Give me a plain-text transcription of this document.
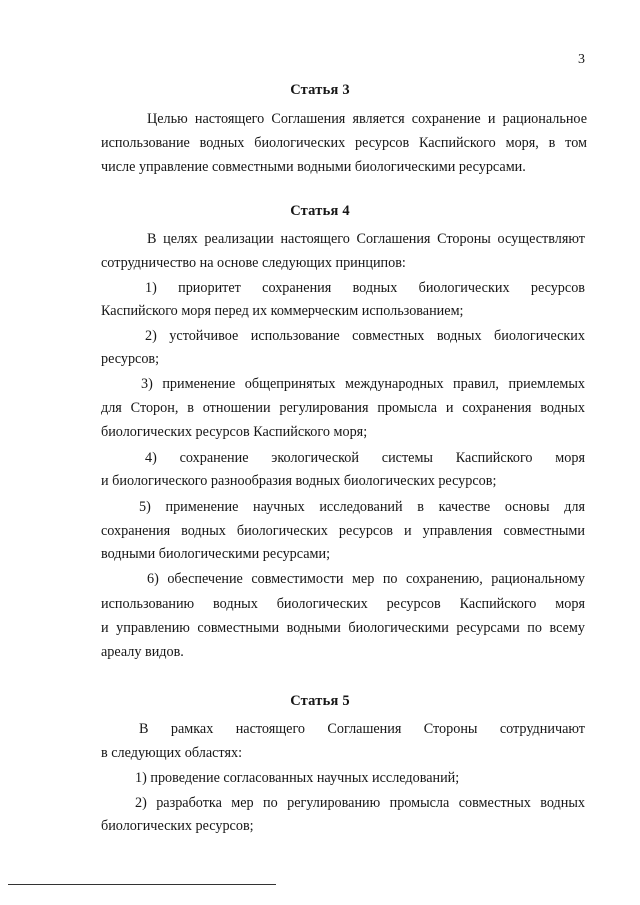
3
Статья 3
Целью настоящего Соглашения является сохранение и рациональное
использование водных биологических ресурсов Каспийского моря, в том
числе управление совместными водными биологическими ресурсами.
Статья 4
В целях реализации настоящего Соглашения Стороны осуществляют
сотрудничество на основе следующих принципов:
1) приоритет сохранения водных биологических ресурсов
Каспийского моря перед их коммерческим использованием;
2) устойчивое использование совместных водных биологических
ресурсов;
3) применение общепринятых международных правил, приемлемых
для Сторон, в отношении регулирования промысла и сохранения водных
биологических ресурсов Каспийского моря;
4) сохранение экологической системы Каспийского моря
и биологического разнообразия водных биологических ресурсов;
5) применение научных исследований в качестве основы для
сохранения водных биологических ресурсов и управления совместными
водными биологическими ресурсами;
6) обеспечение совместимости мер по сохранению, рациональному
использованию водных биологических ресурсов Каспийского моря
и управлению совместными водными биологическими ресурсами по всему
ареалу видов.
Статья 5
В рамках настоящего Соглашения Стороны сотрудничают
в следующих областях:
1) проведение согласованных научных исследований;
2) разработка мер по регулированию промысла совместных водных
биологических ресурсов;
